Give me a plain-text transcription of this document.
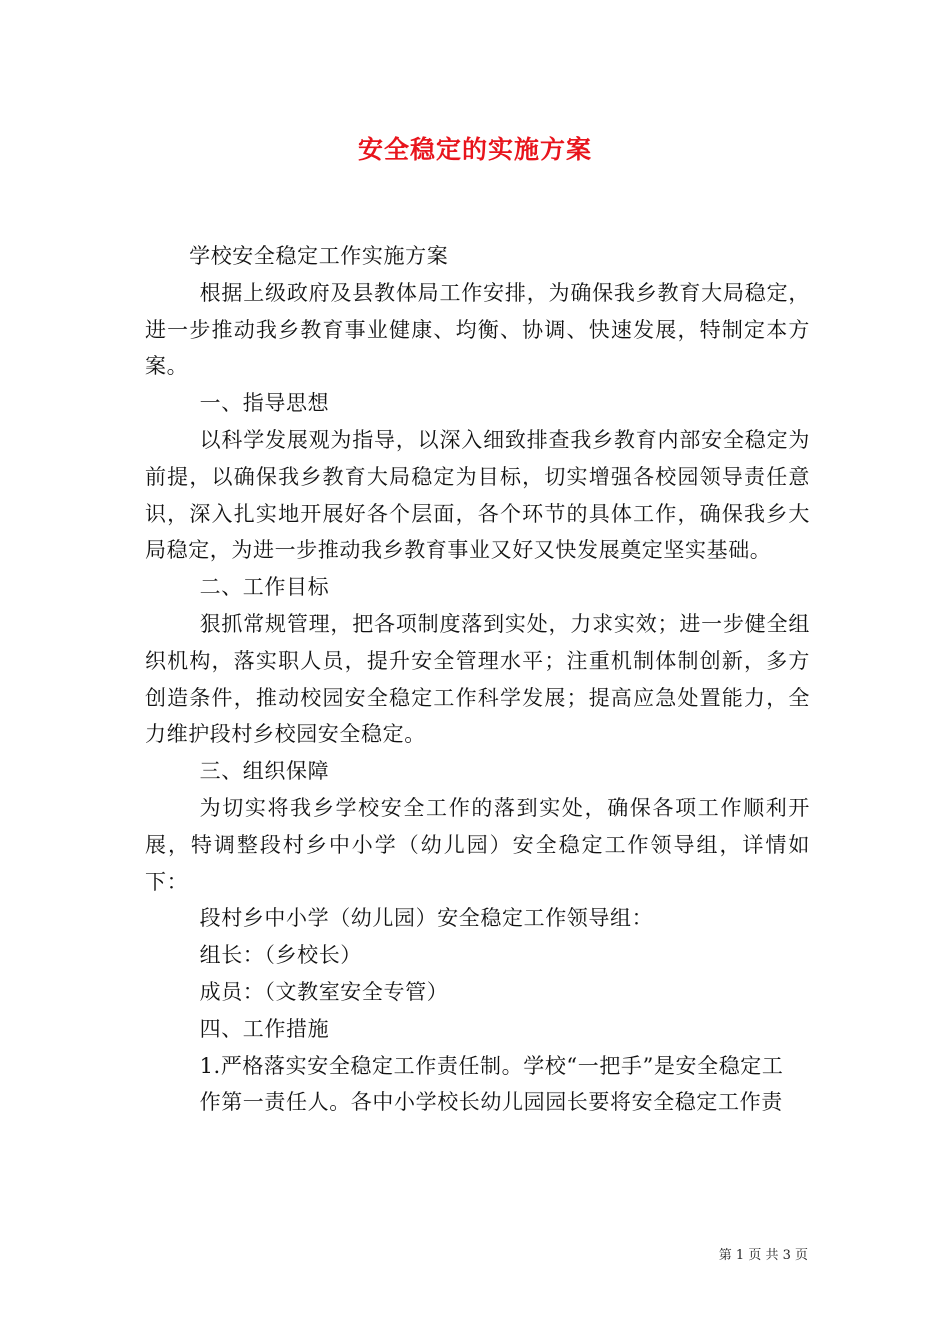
安全稳定的实施方案

学校安全稳定工作实施方案

根据上级政府及县教体局工作安排，为确保我乡教育大局稳定，进一步推动我乡教育事业健康、均衡、协调、快速发展，特制定本方案。

一、指导思想

以科学发展观为指导，以深入细致排查我乡教育内部安全稳定为前提，以确保我乡教育大局稳定为目标，切实增强各校园领导责任意识，深入扎实地开展好各个层面，各个环节的具体工作，确保我乡大局稳定，为进一步推动我乡教育事业又好又快发展奠定坚实基础。

二、工作目标

狠抓常规管理，把各项制度落到实处，力求实效；进一步健全组织机构，落实职人员，提升安全管理水平；注重机制体制创新，多方创造条件，推动校园安全稳定工作科学发展；提高应急处置能力，全力维护段村乡校园安全稳定。

三、组织保障

为切实将我乡学校安全工作的落到实处，确保各项工作顺利开展，特调整段村乡中小学（幼儿园）安全稳定工作领导组，详情如下：

段村乡中小学（幼儿园）安全稳定工作领导组：

组长：（乡校长）

成员：（文教室安全专管）

四、工作措施

1.严格落实安全稳定工作责任制。学校“一把手”是安全稳定工

作第一责任人。各中小学校长幼儿园园长要将安全稳定工作责

第 1 页 共 3 页
